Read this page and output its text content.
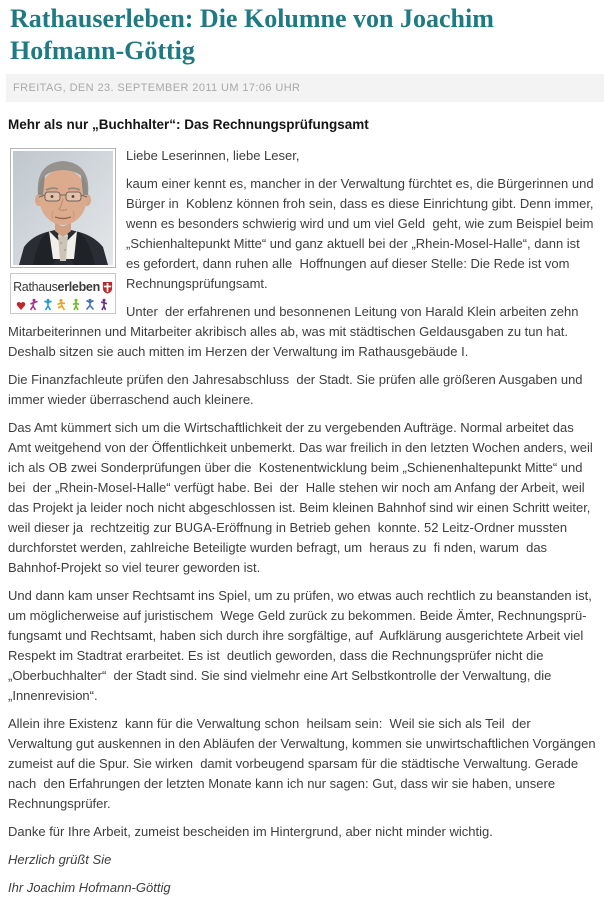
Rathauserleben: Die Kolumne von Joachim Hofmann-Göttig
FREITAG, DEN 23. SEPTEMBER 2011 UM 17:06 UHR
Mehr als nur „Buchhalter“: Das Rechnungsprüfungsamt
Rathauserleben

Liebe Leserinnen, liebe Leser,

kaum einer kennt es, mancher in der Verwaltung fürchtet es, die Bürgerinnen und Bürger in  Koblenz können froh sein, dass es diese Einrichtung gibt. Denn immer, wenn es besonders schwierig wird und um viel Geld  geht, wie zum Beispiel beim „Schienhaltepunkt Mitte“ und ganz aktuell bei der „Rhein-Mosel-Halle“, dann ist es gefordert, dann ruhen alle  Hoffnungen auf dieser Stelle: Die Rede ist vom Rechnungsprüfungsamt.

Unter  der erfahrenen und besonnenen Leitung von Harald Klein arbeiten zehn Mitarbeiterinnen und Mitarbeiter akribisch alles ab, was mit städtischen Geldausgaben zu tun hat. Deshalb sitzen sie auch mitten im Herzen der Verwaltung im Rathausgebäude I.

Die Finanzfachleute prüfen den Jahresabschluss  der Stadt. Sie prüfen alle größeren Ausgaben und immer wieder überraschend auch kleinere.

Das Amt kümmert sich um die Wirtschaftlichkeit der zu vergebenden Aufträge. Normal arbeitet das Amt weitgehend von der Öffentlichkeit unbemerkt. Das war freilich in den letzten Wochen anders, weil  ich als OB zwei Sonderprüfungen über die  Kostenentwicklung beim „Schienenhaltepunkt Mitte“ und bei  der „Rhein-Mosel-Halle“ verfügt habe. Bei  der  Halle stehen wir noch am Anfang der Arbeit, weil  das Projekt ja leider noch nicht abgeschlossen ist. Beim kleinen Bahnhof sind wir einen Schritt weiter, weil dieser ja  rechtzeitig zur BUGA-Eröffnung in Betrieb gehen  konnte. 52 Leitz-Ordner mussten  durchforstet werden, zahlreiche Beteiligte wurden befragt, um  heraus zu  fi nden, warum  das Bahnhof-Projekt so viel teurer geworden ist.

Und dann kam unser Rechtsamt ins Spiel, um zu prüfen, wo etwas auch rechtlich zu beanstanden ist, um möglicherweise auf juristischem  Wege Geld zurück zu bekommen. Beide Ämter, Rechnungsprü-fungsamt und Rechtsamt, haben sich durch ihre sorgfältige, auf  Aufklärung ausgerichtete Arbeit viel Respekt im Stadtrat erarbeitet. Es ist  deutlich geworden, dass die Rechnungsprüfer nicht die „Oberbuchhalter“  der Stadt sind. Sie sind vielmehr eine Art Selbstkontrolle der Verwaltung, die „Innenrevision“.

Allein ihre Existenz  kann für die Verwaltung schon  heilsam sein:  Weil sie sich als Teil  der Verwaltung gut auskennen in den Abläufen der Verwaltung, kommen sie unwirtschaftlichen Vorgängen zumeist auf die Spur. Sie wirken  damit vorbeugend sparsam für die städtische Verwaltung. Gerade  nach  den Erfahrungen der letzten Monate kann ich nur sagen: Gut, dass wir sie haben, unsere Rechnungsprüfer.

Danke für Ihre Arbeit, zumeist bescheiden im Hintergrund, aber nicht minder wichtig.

Herzlich grüßt Sie

Ihr Joachim Hofmann-Göttig
